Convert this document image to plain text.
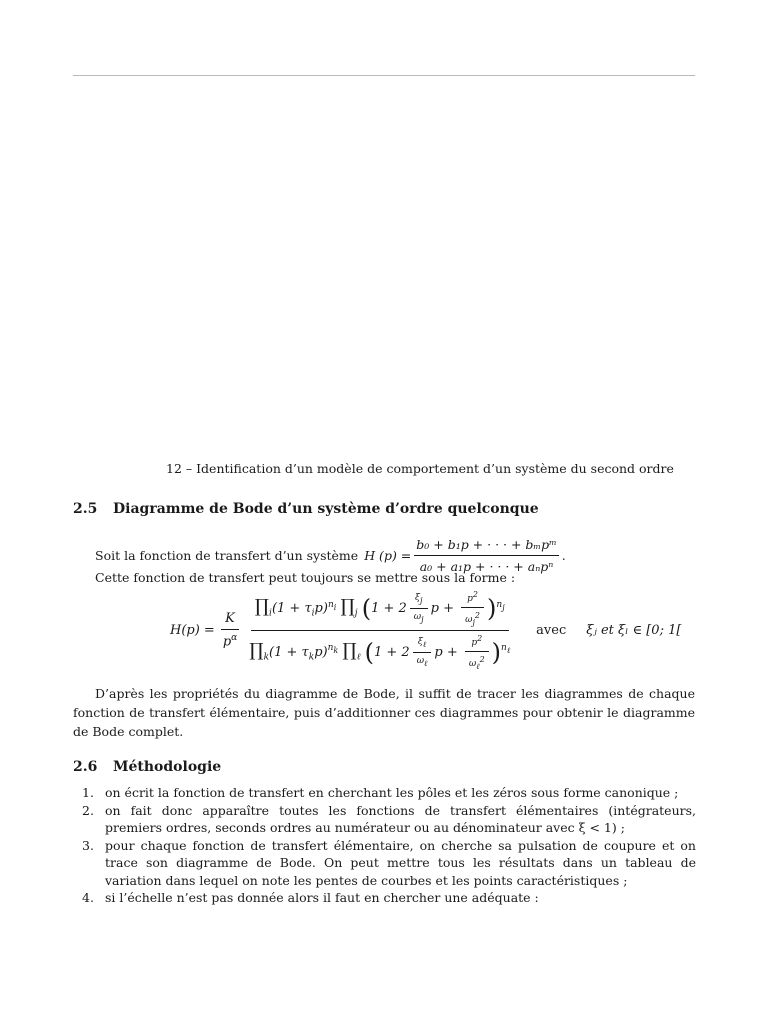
12 – Identification d’un modèle de comportement d’un système du second ordre
2.5 Diagramme de Bode d’un système d’ordre quelconque
Soit la fonction de transfert d’un système H $(p) = \frac{\text{b₀ + b₁p + · · · + bₘpᵐ}}{\text{a₀ + a₁p + · · · + aₙpⁿ}}$ .
Cette fonction de transfert peut toujours se mettre sous la forme :
$H(p) = \frac{K}{p^\alpha} \frac{\prod_i(1 + \tau_ip)^{n_i} \prod_j (1 + 2 \frac{\xi_j}{\omega_j} p + \frac{p^2}{\omega_j^2} )^{n_j}}{\prod_k(1 + \tau_kp)^{n_k} \prod_\ell (1 + 2 \frac{\xi_\ell}{\omega_\ell} p + \frac{p^2}{\omega_\ell^2} )^{n_\ell}}$ avec ξⱼ et ξₗ ∈ [0; 1[
D’après les propriétés du diagramme de Bode, il suffit de tracer les diagrammes de chaque fonction de transfert élémentaire, puis d’additionner ces diagrammes pour obtenir le diagramme de Bode complet.
2.6 Méthodologie
1. on écrit la fonction de transfert en cherchant les pôles et les zéros sous forme canonique ;
2. on fait donc apparaître toutes les fonctions de transfert élémentaires (intégrateurs, premiers ordres, seconds ordres au numérateur ou au dénominateur avec ξ < 1) ;
3. pour chaque fonction de transfert élémentaire, on cherche sa pulsation de coupure et on trace son diagramme de Bode. On peut mettre tous les résultats dans un tableau de variation dans lequel on note les pentes de courbes et les points caractéristiques ;
4. si l’échelle n’est pas donnée alors il faut en chercher une adéquate :
